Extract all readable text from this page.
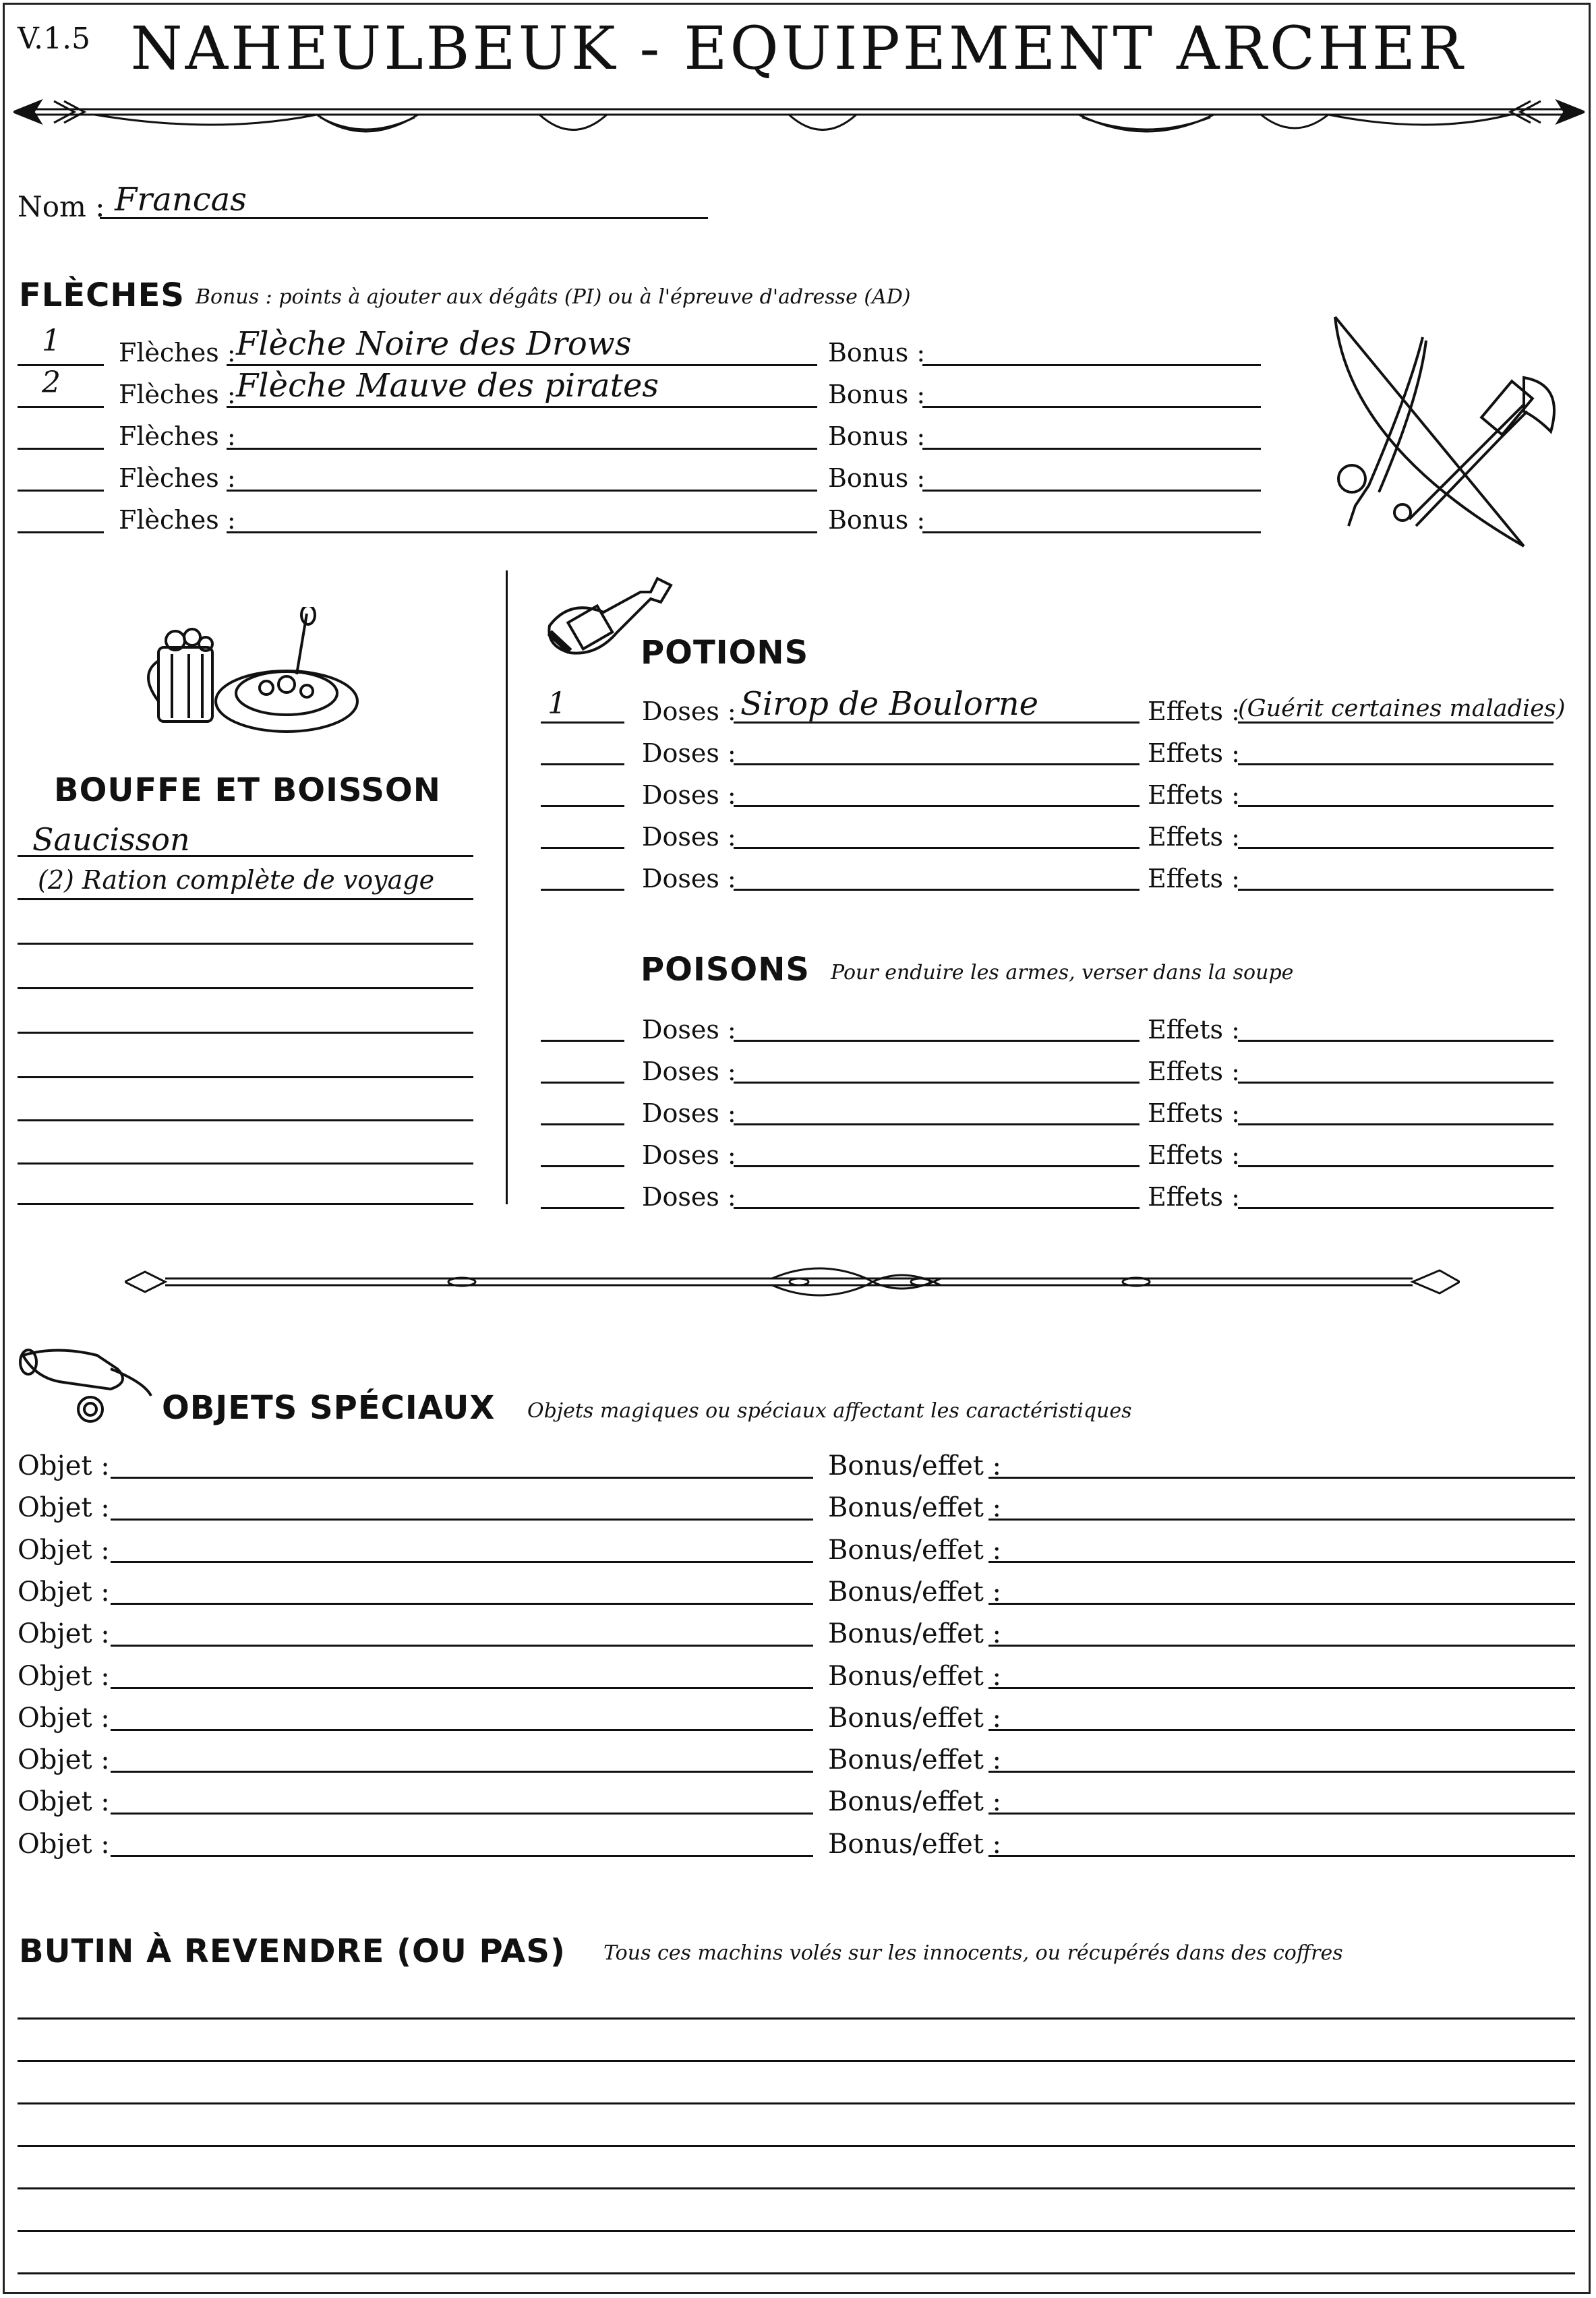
V.1.5 NAHEULBEUK - EQUIPEMENT ARCHER
Nom : Francas
FLÈCHES Bonus : points à ajouter aux dégâts (PI) ou à l'épreuve d'adresse (AD)
1 Flèches : Flèche Noire des Drows	Bonus :
2 Flèches : Flèche Mauve des pirates	Bonus :
Flèches :	Bonus :
Flèches :	Bonus :
Flèches :	Bonus :
BOUFFE ET BOISSON
Saucisson
(2) Ration complète de voyage
POTIONS
1	Doses : Sirop de Boulorne	Effets :
(Guérit certaines maladies)
Doses :	Effets :
Doses :	Effets :
Doses :	Effets :
Doses :	Effets :
POISONS Pour enduire les armes, verser dans la soupe
Doses :	Effets :
Doses :	Effets :
Doses :	Effets :
Doses :	Effets :
Doses :	Effets :
OBJETS SPÉCIAUX Objets magiques ou spéciaux affectant les caractéristiques
Objet :	Bonus/effet :
Objet :	Bonus/effet :
Objet :	Bonus/effet :
Objet :	Bonus/effet :
Objet :	Bonus/effet :
Objet :	Bonus/effet :
Objet :	Bonus/effet :
Objet :	Bonus/effet :
Objet :	Bonus/effet :
Objet :	Bonus/effet :
BUTIN À REVENDRE (OU PAS) Tous ces machins volés sur les innocents, ou récupérés dans des coffres
